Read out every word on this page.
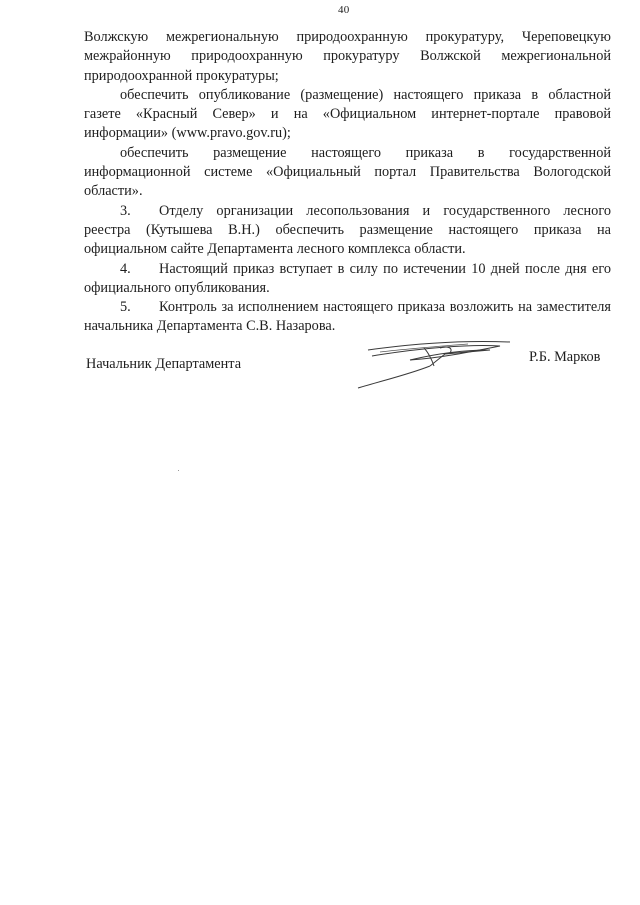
40

Волжскую межрегиональную природоохранную прокуратуру, Череповецкую межрайонную природоохранную прокуратуру Волжской межрегиональной природоохранной прокуратуры;

обеспечить опубликование (размещение) настоящего приказа в областной газете «Красный Север» и на «Официальном интернет-портале правовой информации» (www.pravo.gov.ru);

обеспечить размещение настоящего приказа в государственной информационной системе «Официальный портал Правительства Вологодской области».

3. Отделу организации лесопользования и государственного лесного реестра (Кутышева В.Н.) обеспечить размещение настоящего приказа на официальном сайте Департамента лесного комплекса области.

4. Настоящий приказ вступает в силу по истечении 10 дней после дня его официального опубликования.

5. Контроль за исполнением настоящего приказа возложить на заместителя начальника Департамента С.В. Назарова.

Начальник Департамента	Р.Б. Марков
